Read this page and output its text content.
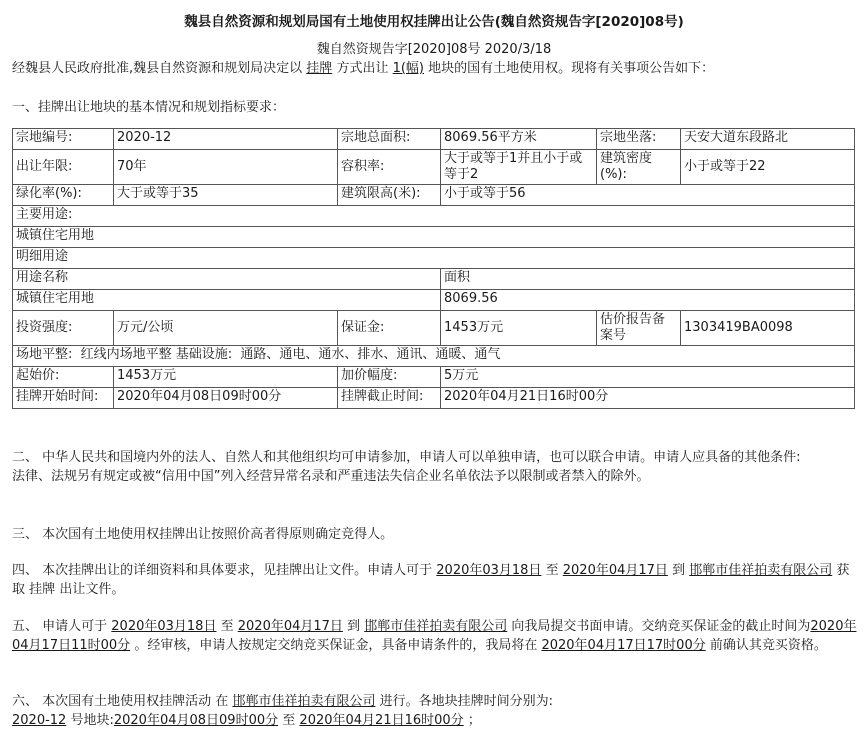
魏县自然资源和规划局国有土地使用权挂牌出让公告(魏自然资规告字[2020]08号)
魏自然资规告字[2020]08号 2020/3/18
经魏县人民政府批准,魏县自然资源和规划局决定以 挂牌 方式出让 1(幅) 地块的国有土地使用权。现将有关事项公告如下：
一、挂牌出让地块的基本情况和规划指标要求：
宗地编号:	2020-12	宗地总面积:	8069.56平方米	宗地坐落:	天安大道东段路北
出让年限:	70年	容积率:	大于或等于1并且小于或等于2	建筑密度(%):	小于或等于22
绿化率(%):	大于或等于35	建筑限高(米):	小于或等于56		
主要用途:					
城镇住宅用地					
明细用途					
用途名称			面积		
城镇住宅用地			8069.56		
投资强度:	万元/公顷	保证金:	1453万元	估价报告备案号	1303419BA0098
场地平整:  红线内场地平整 基础设施:  通路、通电、通水、排水、通讯、通暖、通气					
起始价:	1453万元	加价幅度:	5万元		
挂牌开始时间:	2020年04月08日09时00分	挂牌截止时间:	2020年04月21日16时00分		
二、 中华人民共和国境内外的法人、自然人和其他组织均可申请参加，申请人可以单独申请，也可以联合申请。申请人应具备的其他条件:
法律、法规另有规定或被“信用中国”列入经营异常名录和严重违法失信企业名单依法予以限制或者禁入的除外。
三、 本次国有土地使用权挂牌出让按照价高者得原则确定竞得人。
四、 本次挂牌出让的详细资料和具体要求，见挂牌出让文件。申请人可于 2020年03月18日 至 2020年04月17日 到 邯郸市佳祥拍卖有限公司 获取 挂牌 出让文件。
五、 申请人可于 2020年03月18日 至 2020年04月17日 到 邯郸市佳祥拍卖有限公司 向我局提交书面申请。交纳竞买保证金的截止时间为2020年04月17日11时00分 。经审核，申请人按规定交纳竞买保证金，具备申请条件的，我局将在 2020年04月17日17时00分 前确认其竞买资格。
六、 本次国有土地使用权挂牌活动 在 邯郸市佳祥拍卖有限公司 进行。各地块挂牌时间分别为:
2020-12 号地块:2020年04月08日09时00分 至 2020年04月21日16时00分 ；
